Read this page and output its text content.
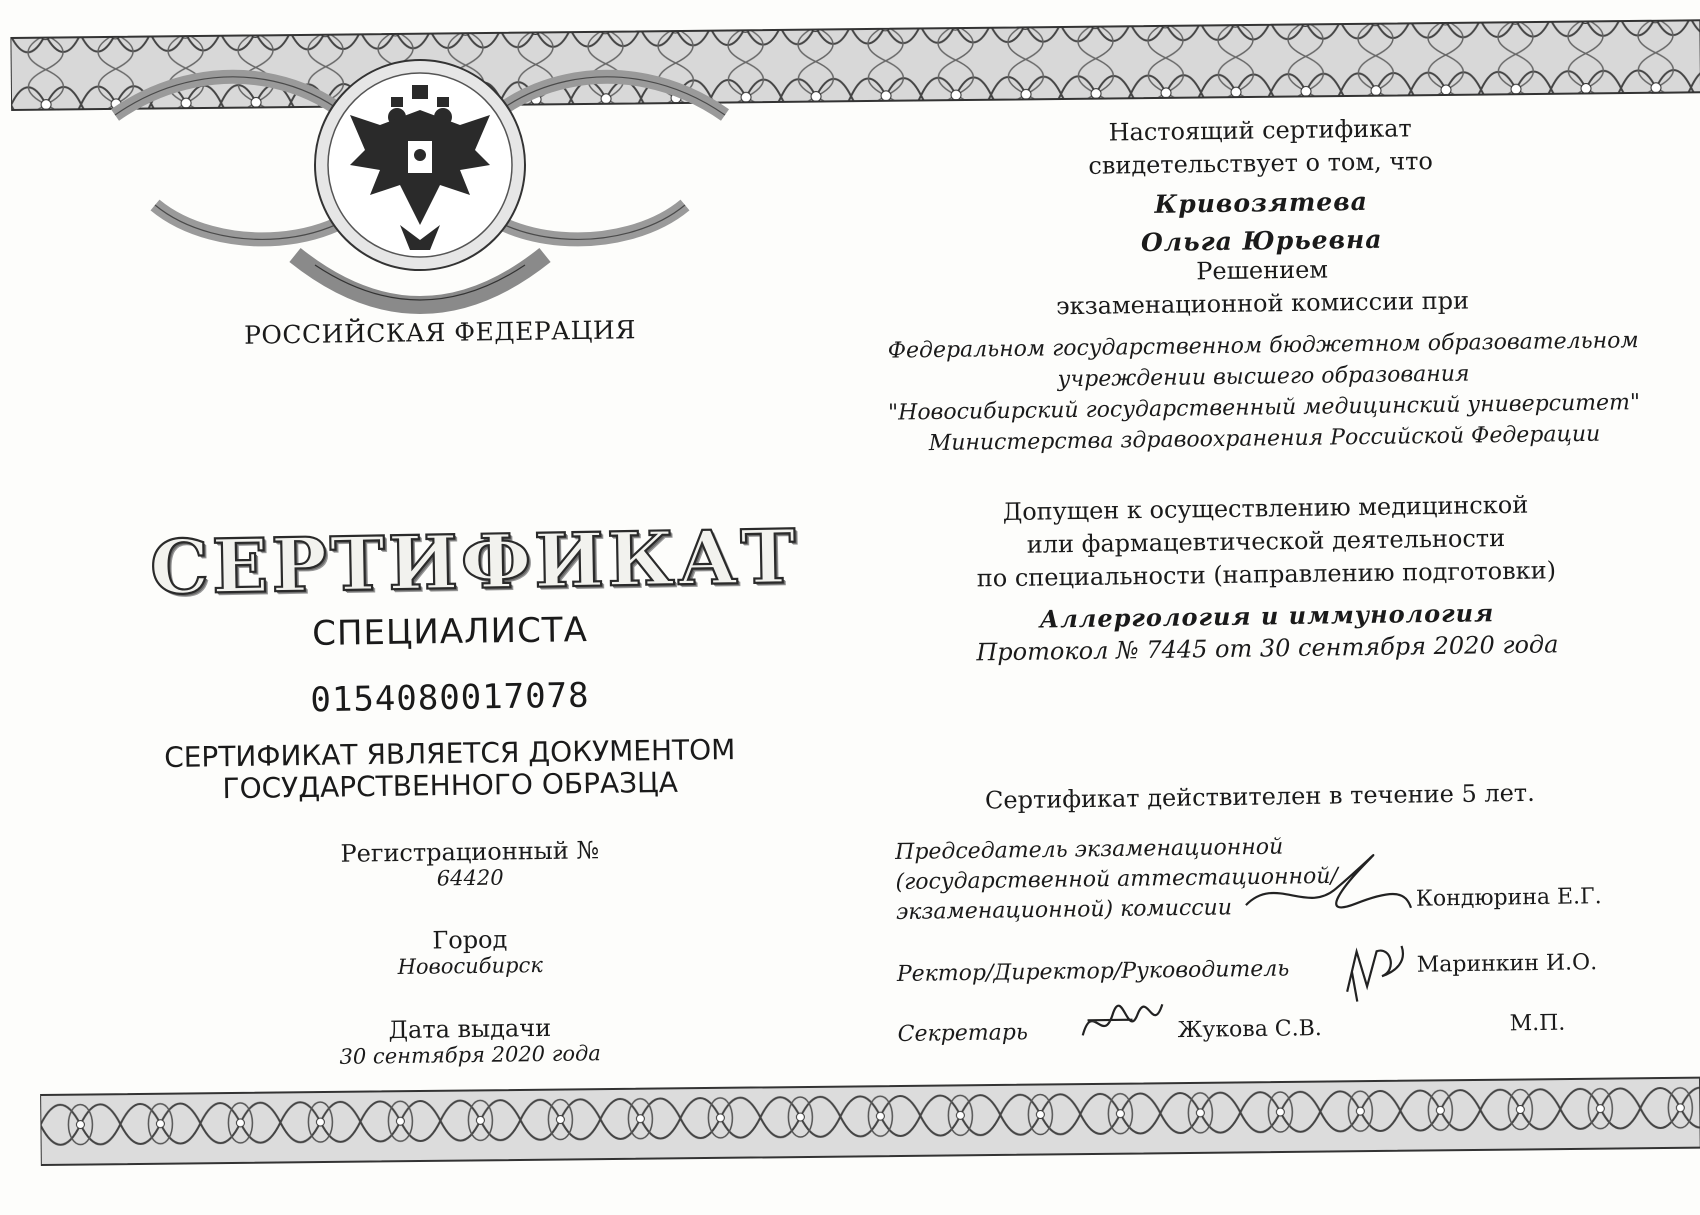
РОССИЙСКАЯ ФЕДЕРАЦИЯ
СЕРТИФИКАТ
СПЕЦИАЛИСТА
0154080017078
СЕРТИФИКАТ ЯВЛЯЕТСЯ ДОКУМЕНТОМ
ГОСУДАРСТВЕННОГО ОБРАЗЦА
Регистрационный №
64420
Город
Новосибирск
Дата выдачи
30 сентября 2020 года
Настоящий сертификат
свидетельствует о том, что
Кривозятева
Ольга Юрьевна
Решением
экзаменационной комиссии при
Федеральном государственном бюджетном образовательном
учреждении высшего образования
"Новосибирский государственный медицинский университет"
Министерства здравоохранения Российской Федерации
Допущен к осуществлению медицинской
или фармацевтической деятельности
по специальности (направлению подготовки)
Аллергология и иммунология
Протокол № 7445 от 30 сентября 2020 года
Сертификат действителен в течение 5 лет.
Председатель экзаменационной
(государственной аттестационной/
экзаменационной) комиссии	Кондюрина Е.Г.
Ректор/Директор/Руководитель	Маринкин И.О.
Секретарь	Жукова С.В.	М.П.
